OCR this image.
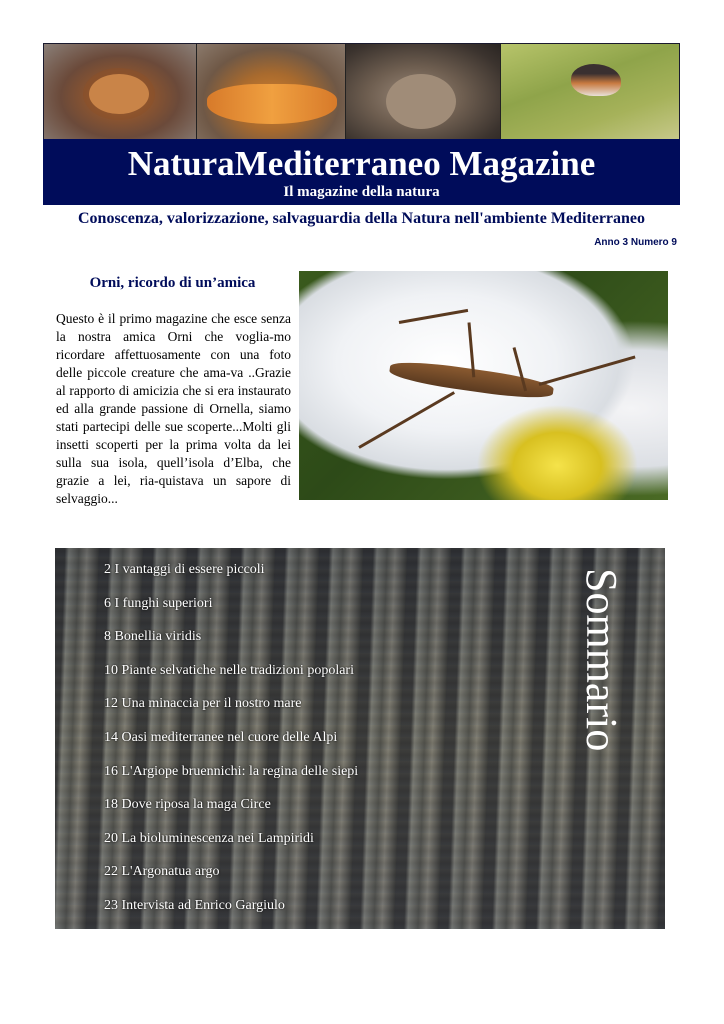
NaturaMediterraneo Magazine
Il magazine della natura
Conoscenza, valorizzazione, salvaguardia della Natura nell'ambiente Mediterraneo
Anno 3 Numero 9
Orni, ricordo di un’amica
Questo è il primo magazine che esce senza la nostra amica Orni che voglia-mo ricordare affettuosamente con una foto delle piccole creature che ama-va ..Grazie al rapporto di amicizia che si era instaurato ed alla grande passione di Ornella, siamo stati partecipi delle sue scoperte...Molti gli insetti scoperti per la prima volta da lei sulla sua isola, quell’isola d’Elba, che grazie a lei, ria-quistava un sapore di selvaggio...
2 I vantaggi di essere piccoli
6 I funghi superiori
8 Bonellia viridis
10 Piante selvatiche nelle tradizioni popolari
12 Una minaccia per il nostro mare
14 Oasi mediterranee nel cuore delle Alpi
16 L'Argiope bruennichi: la regina delle siepi
18 Dove riposa la maga Circe
20 La bioluminescenza nei Lampiridi
22 L'Argonatua argo
23 Intervista ad Enrico Gargiulo
Sommario
